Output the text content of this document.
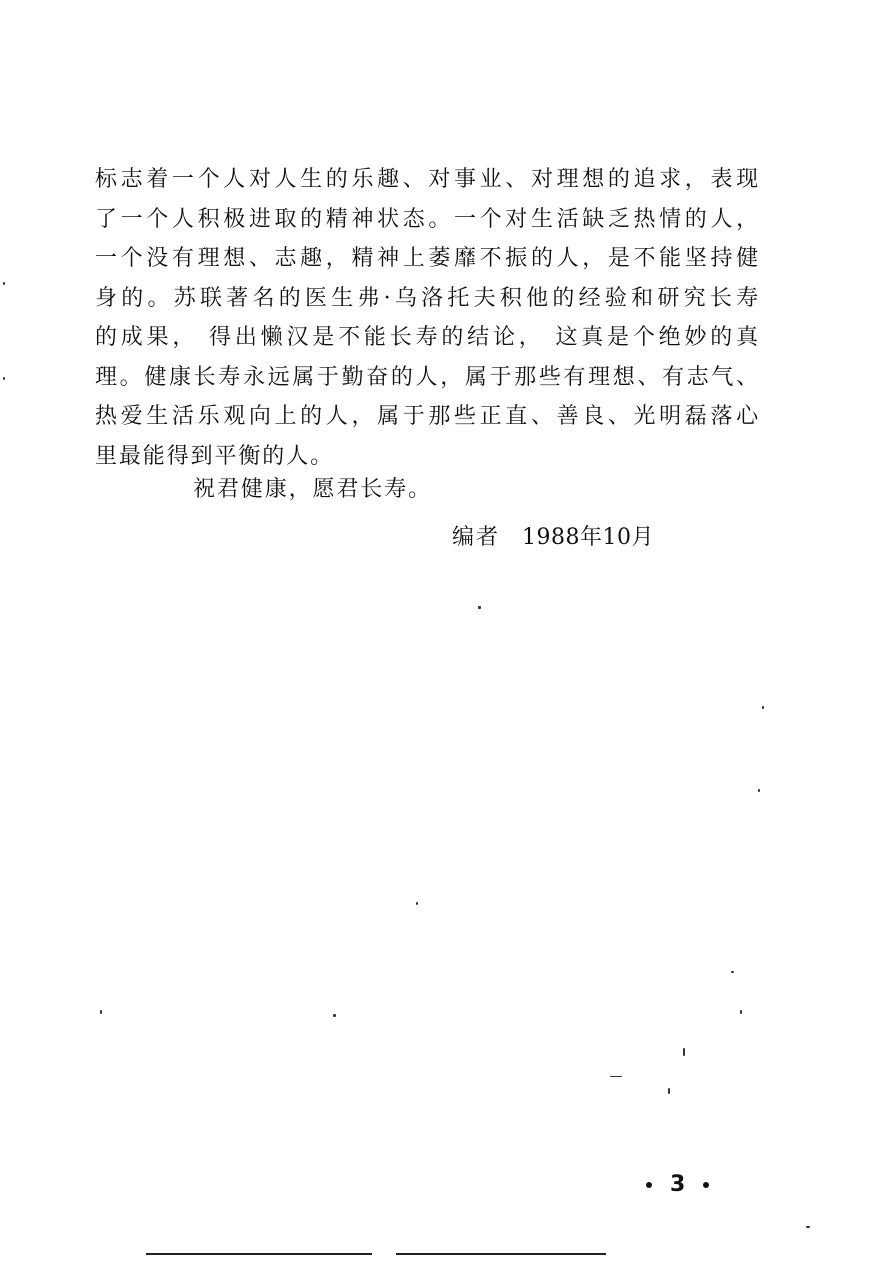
标志着一个人对人生的乐趣、对事业、对理想的追求，表现
了一个人积极进取的精神状态。一个对生活缺乏热情的人，
一个没有理想、志趣，精神上萎靡不振的人，是不能坚持健
身的。苏联著名的医生弗·乌洛托夫积他的经验和研究长寿
的成果， 得出懒汉是不能长寿的结论， 这真是个绝妙的真
理。健康长寿永远属于勤奋的人，属于那些有理想、有志气、
热爱生活乐观向上的人，属于那些正直、善良、光明磊落心
里最能得到平衡的人。
祝君健康，愿君长寿。
编者 1988年10月
3
